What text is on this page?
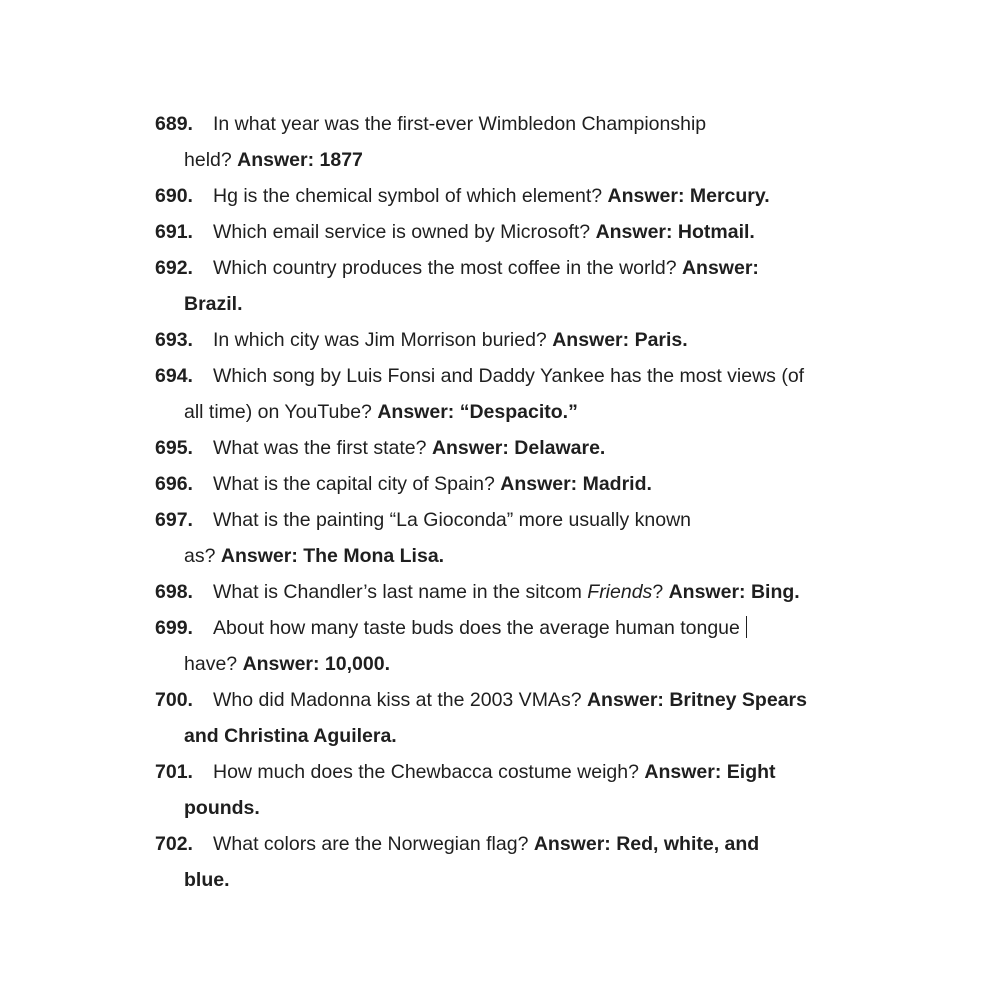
689. In what year was the first-ever Wimbledon Championship
held? Answer: 1877
690. Hg is the chemical symbol of which element? Answer: Mercury.
691. Which email service is owned by Microsoft? Answer: Hotmail.
692. Which country produces the most coffee in the world? Answer:
Brazil.
693. In which city was Jim Morrison buried? Answer: Paris.
694. Which song by Luis Fonsi and Daddy Yankee has the most views (of
all time) on YouTube? Answer: “Despacito.”
695. What was the first state? Answer: Delaware.
696. What is the capital city of Spain? Answer: Madrid.
697. What is the painting “La Gioconda” more usually known
as? Answer: The Mona Lisa.
698. What is Chandler’s last name in the sitcom Friends? Answer: Bing.
699. About how many taste buds does the average human tongue
have? Answer: 10,000.
700. Who did Madonna kiss at the 2003 VMAs? Answer: Britney Spears
and Christina Aguilera.
701. How much does the Chewbacca costume weigh? Answer: Eight
pounds.
702. What colors are the Norwegian flag? Answer: Red, white, and
blue.
